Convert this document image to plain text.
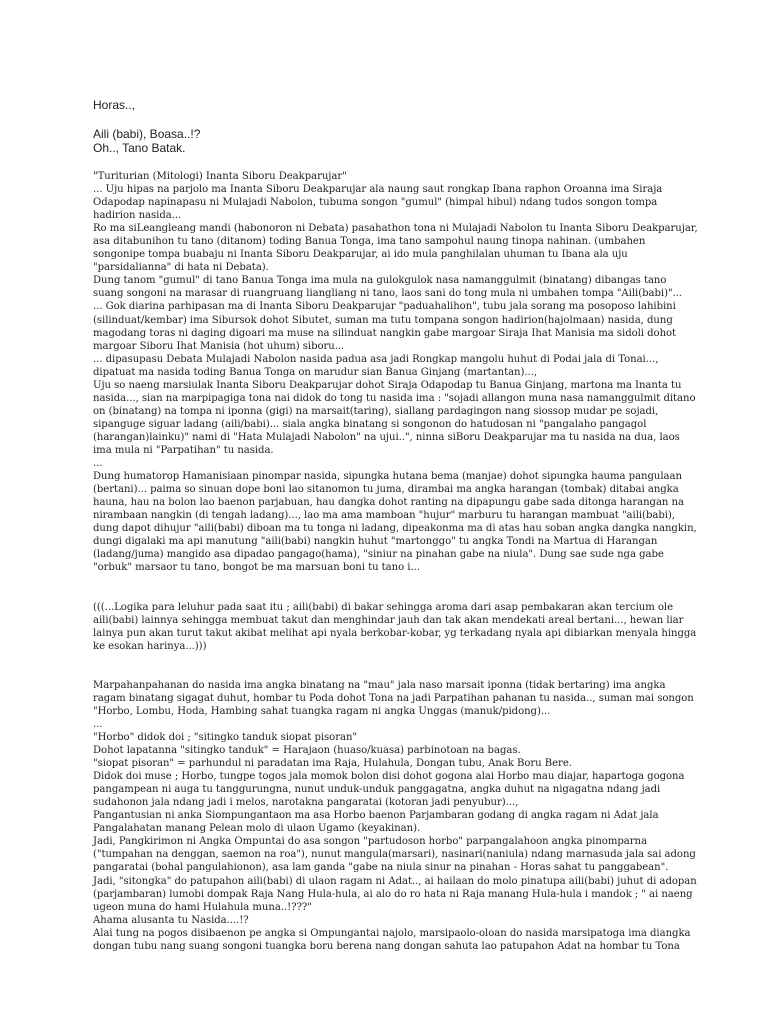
Horas..,

Aili (babi), Boasa..!?

Oh.., Tano Batak.

"Turiturian (Mitologi) Inanta Siboru Deakparujar"
... Uju hipas na parjolo ma Inanta Siboru Deakparujar ala naung saut rongkap Ibana raphon Oroanna ima Siraja Odapodap napinapasu ni Mulajadi Nabolon, tubuma songon "gumul" (himpal hibul) ndang tudos songon tompa hadirion nasida...
Ro ma siLeangleang mandi (habonoron ni Debata) pasahathon tona ni Mulajadi Nabolon tu Inanta Siboru Deakparujar, asa ditabunihon tu tano (ditanom) toding Banua Tonga, ima tano sampohul naung tinopa nahinan. (umbahen songonipe tompa buabaju ni Inanta Siboru Deakparujar, ai ido mula panghilalan uhuman tu Ibana ala uju "parsidalianna" di hata ni Debata).
Dung tanom "gumul" di tano Banua Tonga ima mula na gulokgulok nasa namanggulmit (binatang) dibangas tano suang songoni na marasar di ruangruang liangliang ni tano, laos sani do tong mula ni umbahen tompa "Aili(babi)"...
... Gok diarina parhipasan ma di Inanta Siboru Deakparujar "paduahalihon", tubu jala sorang ma posoposo lahibini (silinduat/kembar) ima Sibursok dohot Sibutet, suman ma tutu tompana songon hadirion(hajolmaan) nasida, dung magodang toras ni daging digoari ma muse na silinduat nangkin gabe margoar Siraja Ihat Manisia ma sidoli dohot margoar Siboru Ihat Manisia (hot uhum) siboru...
... dipasupasu Debata Mulajadi Nabolon nasida padua asa jadi Rongkap mangolu huhut di Podai jala di Tonai..., dipatuat ma nasida toding Banua Tonga on marudur sian Banua Ginjang (martantan)...,
Uju so naeng marsiulak Inanta Siboru Deakparujar dohot Siraja Odapodap tu Banua Ginjang, martona ma Inanta tu nasida..., sian na marpipagiga tona nai didok do tong tu nasida ima : "sojadi allangon muna nasa namanggulmit ditano on (binatang) na tompa ni iponna (gigi) na marsait(taring), siallang pardagingon nang siossop mudar pe sojadi, sipanguge siguar ladang (aili/babi)... siala angka binatang si songonon do hatudosan ni "pangalaho pangagol (harangan)lainku)" nami di "Hata Mulajadi Nabolon" na ujui..", ninna siBoru Deakparujar ma tu nasida na dua, laos ima mula ni "Parpatihan" tu nasida.
...
Dung humatorop Hamanisiaan pinompar nasida, sipungka hutana bema (manjae) dohot sipungka hauma pangulaan (bertani)... paima so sinuan dope boni lao sitanomon tu juma, dirambai ma angka harangan (tombak) ditabai angka hauna, hau na bolon lao baenon parjabuan, hau dangka dohot ranting na dipapungu gabe sada ditonga harangan na nirambaan nangkin (di tengah ladang)..., lao ma ama mamboan "hujur" marburu tu harangan mambuat "aili(babi), dung dapot dihujur "aili(babi) diboan ma tu tonga ni ladang, dipeakonma ma di atas hau soban angka dangka nangkin, dungi digalaki ma api manutung "aili(babi) nangkin huhut "martonggo" tu angka Tondi na Martua di Harangan (ladang/juma) mangido asa dipadao pangago(hama), "siniur na pinahan gabe na niula". Dung sae sude nga gabe "orbuk" marsaor tu tano, bongot be ma marsuan boni tu tano i...

(((...Logika para leluhur pada saat itu ; aili(babi) di bakar sehingga aroma dari asap pembakaran akan tercium ole aili(babi) lainnya sehingga membuat takut dan menghindar jauh dan tak akan mendekati areal bertani..., hewan liar lainya pun akan turut takut akibat melihat api nyala berkobar-kobar, yg terkadang nyala api dibiarkan menyala hingga ke esokan harinya...)))

Marpahanpahanan do nasida ima angka binatang na "mau" jala naso marsait iponna (tidak bertaring) ima angka ragam binatang sigagat duhut, hombar tu Poda dohot Tona na jadi Parpatihan pahanan tu nasida.., suman mai songon "Horbo, Lombu, Hoda, Hambing sahat tuangka ragam ni angka Unggas (manuk/pidong)...
...
"Horbo" didok doi ; "sitingko tanduk siopat pisoran"
Dohot lapatanna "sitingko tanduk" = Harajaon (huaso/kuasa) parbinotoan na bagas.
"siopat pisoran" = parhundul ni paradatan ima Raja, Hulahula, Dongan tubu, Anak Boru Bere.
Didok doi muse ; Horbo, tungpe togos jala momok bolon disi dohot gogona alai Horbo mau diajar, hapartoga gogona pangampean ni auga tu tanggurungna, nunut unduk-unduk panggagatna, angka duhut na nigagatna ndang jadi sudahonon jala ndang jadi i melos, narotakna pangaratai (kotoran jadi penyubur)...,
Pangantusian ni anka Siompungantaon ma asa Horbo baenon Parjambaran godang di angka ragam ni Adat jala Pangalahatan manang Pelean molo di ulaon Ugamo (keyakinan).
Jadi, Pangkirimon ni Angka Ompuntai do asa songon "partudoson horbo" parpangalahoon angka pinomparna ("tumpahan na denggan, saemon na roa"), nunut mangula(marsari), nasinari(naniula) ndang marnasuda jala sai adong pangaratai (bohal pangulahionon), asa lam ganda "gabe na niula sinur na pinahan - Horas sahat tu panggabean".
Jadi, "sitongka" do patupahon aili(babi) di ulaon ragam ni Adat.., ai hailaan do molo pinatupa aili(babi) juhut di adopan (parjambaran) lumobi dompak Raja Nang Hula-hula, ai alo do ro hata ni Raja manang Hula-hula i mandok ; " ai naeng ugeon muna do hami Hulahula muna..!???"
Ahama alusanta tu Nasida....!?
Alai tung na pogos disibaenon pe angka si Ompungantai najolo, marsipaolo-oloan do nasida marsipatoga ima diangka dongan tubu nang suang songoni tuangka boru berena nang dongan sahuta lao patupahon Adat na hombar tu Tona
